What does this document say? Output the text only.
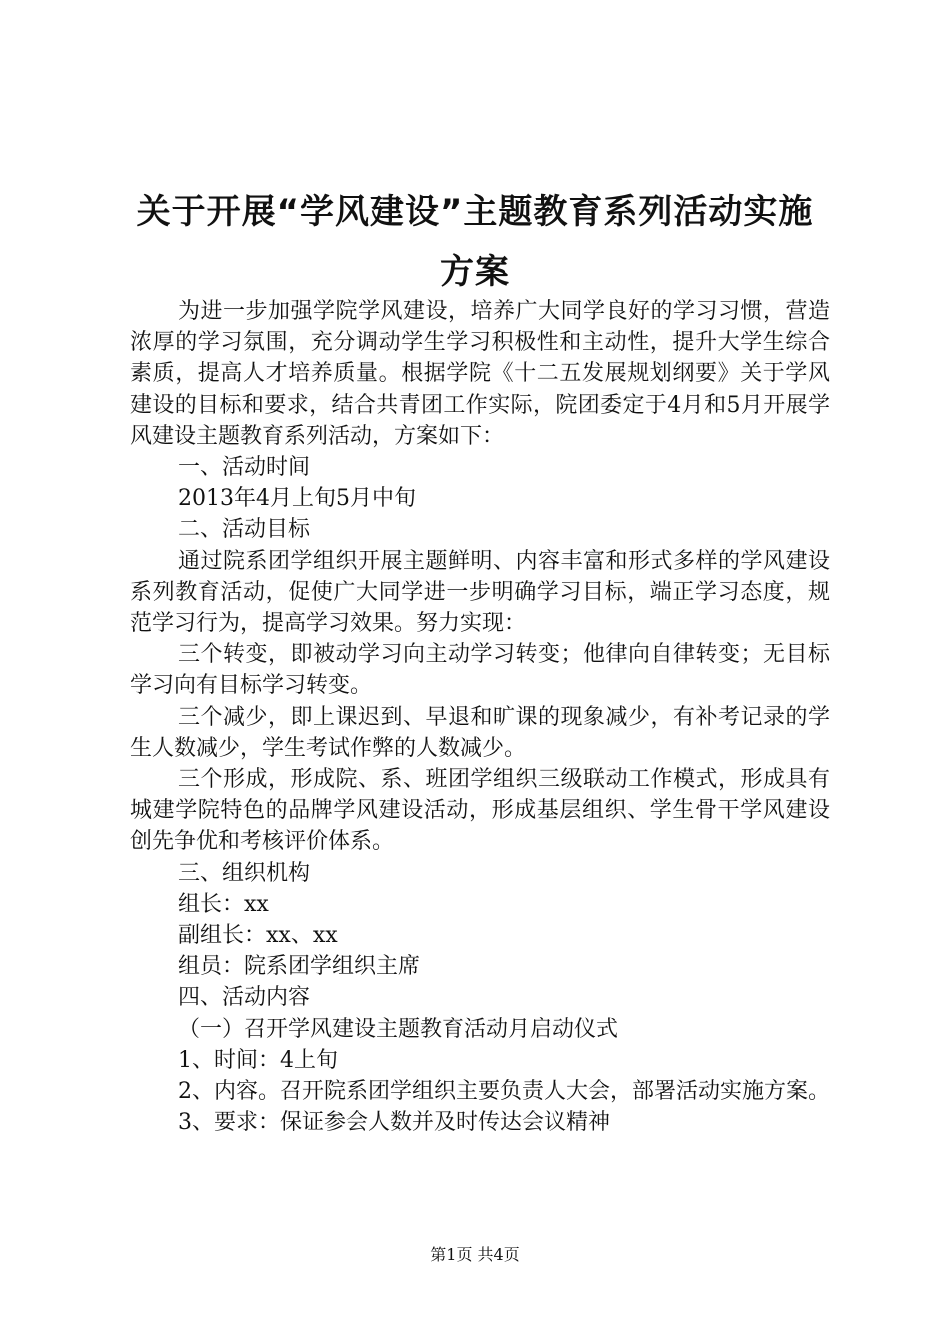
关于开展“学风建设”主题教育系列活动实施
方案

为进一步加强学院学风建设，培养广大同学良好的学习习惯，营造浓厚的学习氛围，充分调动学生学习积极性和主动性，提升大学生综合素质，提高人才培养质量。根据学院《十二五发展规划纲要》关于学风建设的目标和要求，结合共青团工作实际，院团委定于4月和5月开展学风建设主题教育系列活动，方案如下：

一、活动时间

2013年4月上旬5月中旬

二、活动目标

通过院系团学组织开展主题鲜明、内容丰富和形式多样的学风建设系列教育活动，促使广大同学进一步明确学习目标，端正学习态度，规范学习行为，提高学习效果。努力实现：

三个转变，即被动学习向主动学习转变；他律向自律转变；无目标学习向有目标学习转变。

三个减少，即上课迟到、早退和旷课的现象减少，有补考记录的学生人数减少，学生考试作弊的人数减少。

三个形成，形成院、系、班团学组织三级联动工作模式，形成具有城建学院特色的品牌学风建设活动，形成基层组织、学生骨干学风建设创先争优和考核评价体系。

三、组织机构

组长：xx

副组长：xx、xx

组员：院系团学组织主席

四、活动内容

（一）召开学风建设主题教育活动月启动仪式

1、时间：4上旬

2、内容。召开院系团学组织主要负责人大会，部署活动实施方案。

3、要求：保证参会人数并及时传达会议精神

第1页 共4页
